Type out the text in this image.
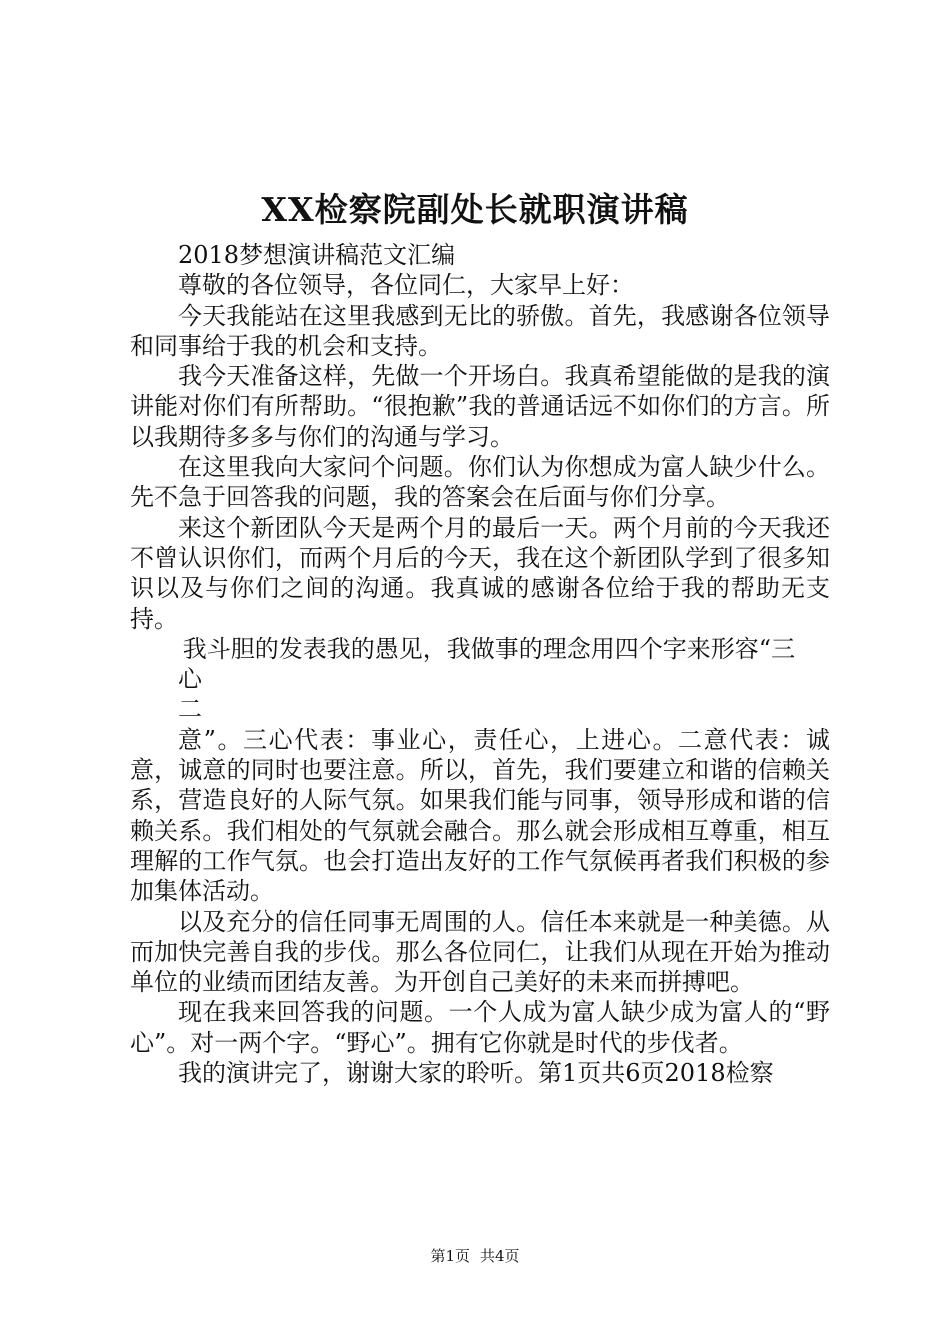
XX检察院副处长就职演讲稿

2018梦想演讲稿范文汇编

尊敬的各位领导，各位同仁，大家早上好：

今天我能站在这里我感到无比的骄傲。首先，我感谢各位领导和同事给于我的机会和支持。

我今天准备这样，先做一个开场白。我真希望能做的是我的演讲能对你们有所帮助。“很抱歉”我的普通话远不如你们的方言。所以我期待多多与你们的沟通与学习。

在这里我向大家问个问题。你们认为你想成为富人缺少什么。先不急于回答我的问题，我的答案会在后面与你们分享。

来这个新团队今天是两个月的最后一天。两个月前的今天我还不曾认识你们，而两个月后的今天，我在这个新团队学到了很多知识以及与你们之间的沟通。我真诚的感谢各位给于我的帮助无支持。

我斗胆的发表我的愚见，我做事的理念用四个字来形容“三

心

二

意”。三心代表：事业心，责任心，上进心。二意代表：诚意，诚意的同时也要注意。所以，首先，我们要建立和谐的信赖关系，营造良好的人际气氛。如果我们能与同事，领导形成和谐的信赖关系。我们相处的气氛就会融合。那么就会形成相互尊重，相互理解的工作气氛。也会打造出友好的工作气氛候再者我们积极的参加集体活动。

以及充分的信任同事无周围的人。信任本来就是一种美德。从而加快完善自我的步伐。那么各位同仁，让我们从现在开始为推动单位的业绩而团结友善。为开创自己美好的未来而拼搏吧。

现在我来回答我的问题。一个人成为富人缺少成为富人的“野心”。对一两个字。“野心”。拥有它你就是时代的步伐者。

我的演讲完了，谢谢大家的聆听。第1页共6页2018检察

第1页 共4页
